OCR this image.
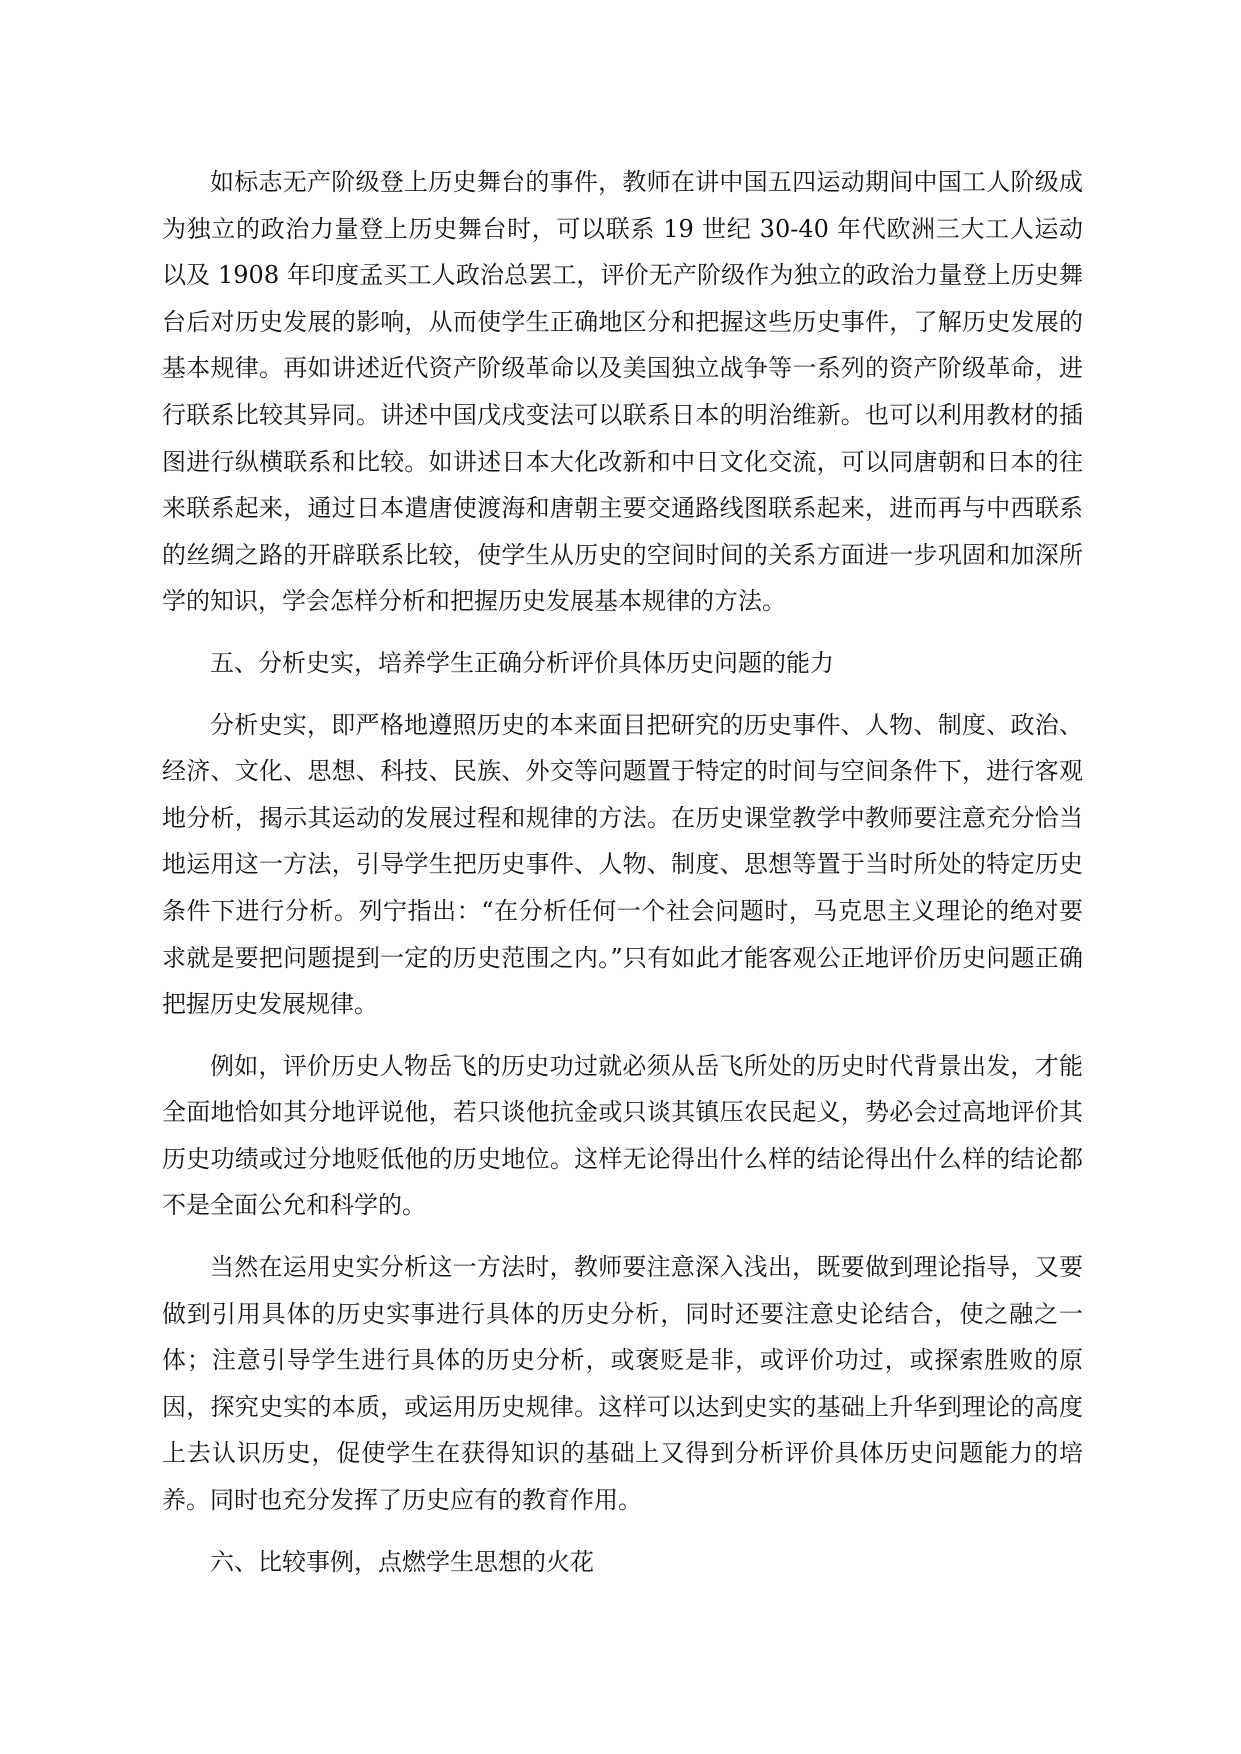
如标志无产阶级登上历史舞台的事件，教师在讲中国五四运动期间中国工人阶级成为独立的政治力量登上历史舞台时，可以联系 19 世纪 30-40 年代欧洲三大工人运动以及 1908 年印度孟买工人政治总罢工，评价无产阶级作为独立的政治力量登上历史舞台后对历史发展的影响，从而使学生正确地区分和把握这些历史事件，了解历史发展的基本规律。再如讲述近代资产阶级革命以及美国独立战争等一系列的资产阶级革命，进行联系比较其异同。讲述中国戊戌变法可以联系日本的明治维新。也可以利用教材的插图进行纵横联系和比较。如讲述日本大化改新和中日文化交流，可以同唐朝和日本的往来联系起来，通过日本遣唐使渡海和唐朝主要交通路线图联系起来，进而再与中西联系的丝绸之路的开辟联系比较，使学生从历史的空间时间的关系方面进一步巩固和加深所学的知识，学会怎样分析和把握历史发展基本规律的方法。

五、分析史实，培养学生正确分析评价具体历史问题的能力

分析史实，即严格地遵照历史的本来面目把研究的历史事件、人物、制度、政治、经济、文化、思想、科技、民族、外交等问题置于特定的时间与空间条件下，进行客观地分析，揭示其运动的发展过程和规律的方法。在历史课堂教学中教师要注意充分恰当地运用这一方法，引导学生把历史事件、人物、制度、思想等置于当时所处的特定历史条件下进行分析。列宁指出：“在分析任何一个社会问题时，马克思主义理论的绝对要求就是要把问题提到一定的历史范围之内。”只有如此才能客观公正地评价历史问题正确把握历史发展规律。

例如，评价历史人物岳飞的历史功过就必须从岳飞所处的历史时代背景出发，才能全面地恰如其分地评说他，若只谈他抗金或只谈其镇压农民起义，势必会过高地评价其历史功绩或过分地贬低他的历史地位。这样无论得出什么样的结论得出什么样的结论都不是全面公允和科学的。

当然在运用史实分析这一方法时，教师要注意深入浅出，既要做到理论指导，又要做到引用具体的历史实事进行具体的历史分析，同时还要注意史论结合，使之融之一体；注意引导学生进行具体的历史分析，或褒贬是非，或评价功过，或探索胜败的原因，探究史实的本质，或运用历史规律。这样可以达到史实的基础上升华到理论的高度上去认识历史，促使学生在获得知识的基础上又得到分析评价具体历史问题能力的培养。同时也充分发挥了历史应有的教育作用。

六、比较事例，点燃学生思想的火花
